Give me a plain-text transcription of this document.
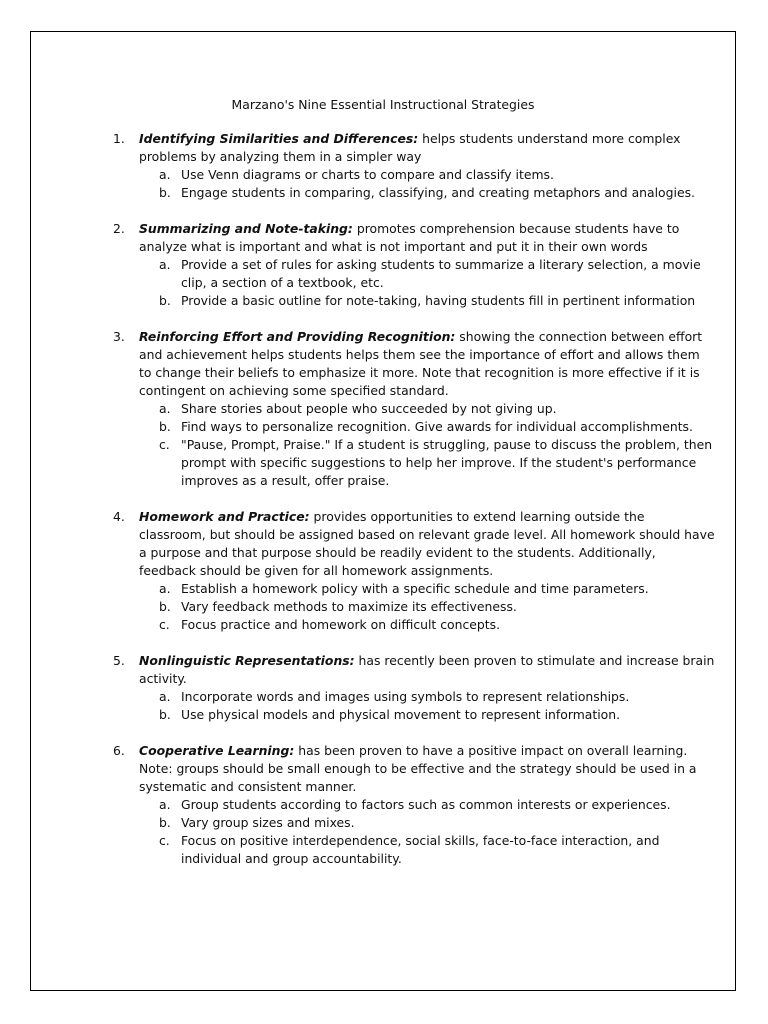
Marzano's Nine Essential Instructional Strategies
1. Identifying Similarities and Differences: helps students understand more complex problems by analyzing them in a simpler way
a. Use Venn diagrams or charts to compare and classify items.
b. Engage students in comparing, classifying, and creating metaphors and analogies.
2. Summarizing and Note-taking: promotes comprehension because students have to analyze what is important and what is not important and put it in their own words
a. Provide a set of rules for asking students to summarize a literary selection, a movie clip, a section of a textbook, etc.
b. Provide a basic outline for note-taking, having students fill in pertinent information
3. Reinforcing Effort and Providing Recognition: showing the connection between effort and achievement helps students helps them see the importance of effort and allows them to change their beliefs to emphasize it more. Note that recognition is more effective if it is contingent on achieving some specified standard.
a. Share stories about people who succeeded by not giving up.
b. Find ways to personalize recognition. Give awards for individual accomplishments.
c. "Pause, Prompt, Praise." If a student is struggling, pause to discuss the problem, then prompt with specific suggestions to help her improve. If the student's performance improves as a result, offer praise.
4. Homework and Practice: provides opportunities to extend learning outside the classroom, but should be assigned based on relevant grade level. All homework should have a purpose and that purpose should be readily evident to the students. Additionally, feedback should be given for all homework assignments.
a. Establish a homework policy with a specific schedule and time parameters.
b. Vary feedback methods to maximize its effectiveness.
c. Focus practice and homework on difficult concepts.
5. Nonlinguistic Representations: has recently been proven to stimulate and increase brain activity.
a. Incorporate words and images using symbols to represent relationships.
b. Use physical models and physical movement to represent information.
6. Cooperative Learning: has been proven to have a positive impact on overall learning. Note: groups should be small enough to be effective and the strategy should be used in a systematic and consistent manner.
a. Group students according to factors such as common interests or experiences.
b. Vary group sizes and mixes.
c. Focus on positive interdependence, social skills, face-to-face interaction, and individual and group accountability.
